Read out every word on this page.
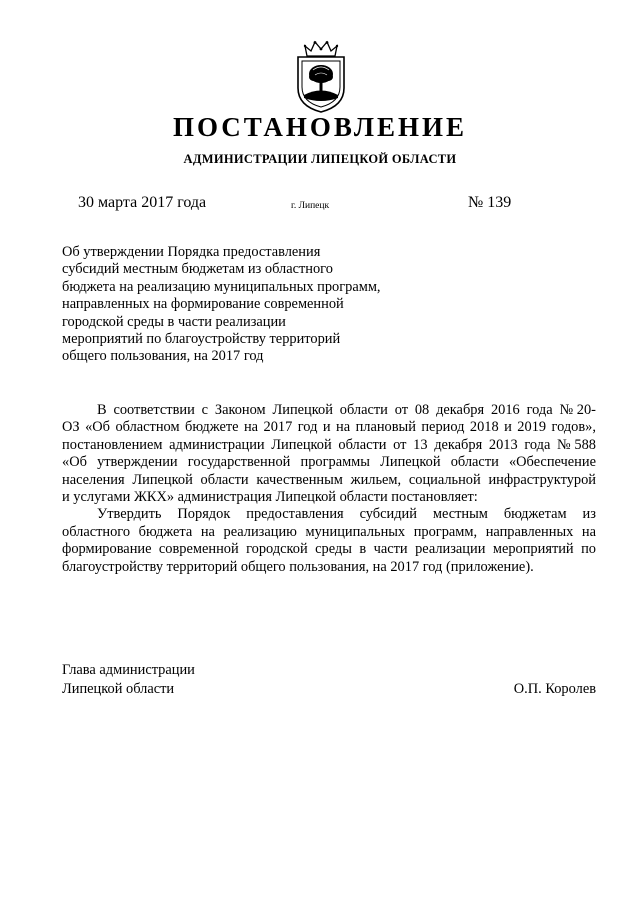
ПОСТАНОВЛЕНИЕ
АДМИНИСТРАЦИИ ЛИПЕЦКОЙ ОБЛАСТИ
30 марта 2017 года	г. Липецк	№ 139
Об утверждении Порядка предоставления
субсидий местным бюджетам из областного
бюджета на реализацию муниципальных программ,
направленных на формирование современной
городской среды в части реализации
мероприятий по благоустройству территорий
общего пользования, на 2017 год
В соответствии с Законом Липецкой области от 08 декабря 2016 года № 20-
ОЗ «Об областном бюджете на 2017 год и на плановый период 2018 и 2019 годов»,
постановлением администрации Липецкой области от 13 декабря 2013 года № 588
«Об утверждении государственной программы Липецкой области «Обеспечение
населения Липецкой области качественным жильем, социальной инфраструктурой
и услугами ЖКХ» администрация Липецкой области постановляет:
Утвердить Порядок предоставления субсидий местным бюджетам из
областного бюджета на реализацию муниципальных программ, направленных на
формирование современной городской среды в части реализации мероприятий по
благоустройству территорий общего пользования, на 2017 год (приложение).
Глава администрации
Липецкой области	О.П. Королев
